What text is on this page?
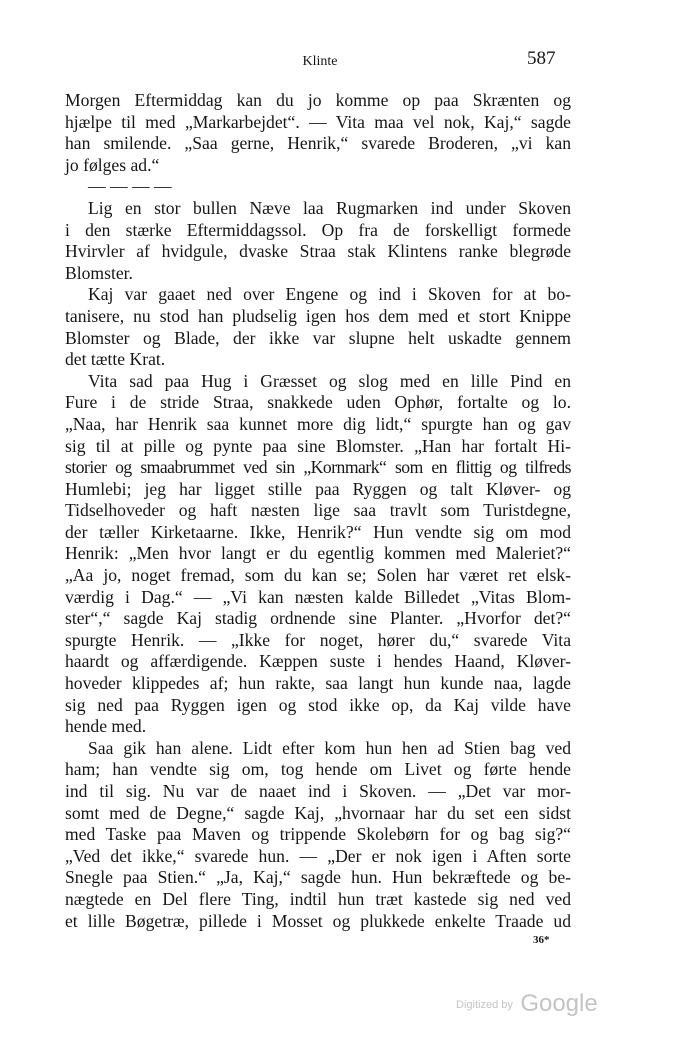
Klinte	587
Morgen Eftermiddag kan du jo komme op paa Skrænten og
hjælpe til med „Markarbejdet“. — Vita maa vel nok, Kaj,“ sagde
han smilende. „Saa gerne, Henrik,“ svarede Broderen, „vi kan
jo følges ad.“
— — — —
Lig en stor bullen Næve laa Rugmarken ind under Skoven
i den stærke Eftermiddagssol. Op fra de forskelligt formede
Hvirvler af hvidgule, dvaske Straa stak Klintens ranke blegrøde
Blomster.
Kaj var gaaet ned over Engene og ind i Skoven for at bo-
tanisere, nu stod han pludselig igen hos dem med et stort Knippe
Blomster og Blade, der ikke var slupne helt uskadte gennem
det tætte Krat.
Vita sad paa Hug i Græsset og slog med en lille Pind en
Fure i de stride Straa, snakkede uden Ophør, fortalte og lo.
„Naa, har Henrik saa kunnet more dig lidt,“ spurgte han og gav
sig til at pille og pynte paa sine Blomster. „Han har fortalt Hi-
storier og smaabrummet ved sin „Kornmark“ som en flittig og tilfreds
Humlebi; jeg har ligget stille paa Ryggen og talt Kløver- og
Tidselhoveder og haft næsten lige saa travlt som Turistdegne,
der tæller Kirketaarne. Ikke, Henrik?“ Hun vendte sig om mod
Henrik: „Men hvor langt er du egentlig kommen med Maleriet?“
„Aa jo, noget fremad, som du kan se; Solen har været ret elsk-
værdig i Dag.“ — „Vi kan næsten kalde Billedet „Vitas Blom-
ster“,“ sagde Kaj stadig ordnende sine Planter. „Hvorfor det?“
spurgte Henrik. — „Ikke for noget, hører du,“ svarede Vita
haardt og affærdigende. Kæppen suste i hendes Haand, Kløver-
hoveder klippedes af; hun rakte, saa langt hun kunde naa, lagde
sig ned paa Ryggen igen og stod ikke op, da Kaj vilde have
hende med.
Saa gik han alene. Lidt efter kom hun hen ad Stien bag ved
ham; han vendte sig om, tog hende om Livet og førte hende
ind til sig. Nu var de naaet ind i Skoven. — „Det var mor-
somt med de Degne,“ sagde Kaj, „hvornaar har du set een sidst
med Taske paa Maven og trippende Skolebørn for og bag sig?“
„Ved det ikke,“ svarede hun. — „Der er nok igen i Aften sorte
Snegle paa Stien.“ „Ja, Kaj,“ sagde hun. Hun bekræftede og be-
nægtede en Del flere Ting, indtil hun træt kastede sig ned ved
et lille Bøgetræ, pillede i Mosset og plukkede enkelte Traade ud
36*
Digitized by Google
